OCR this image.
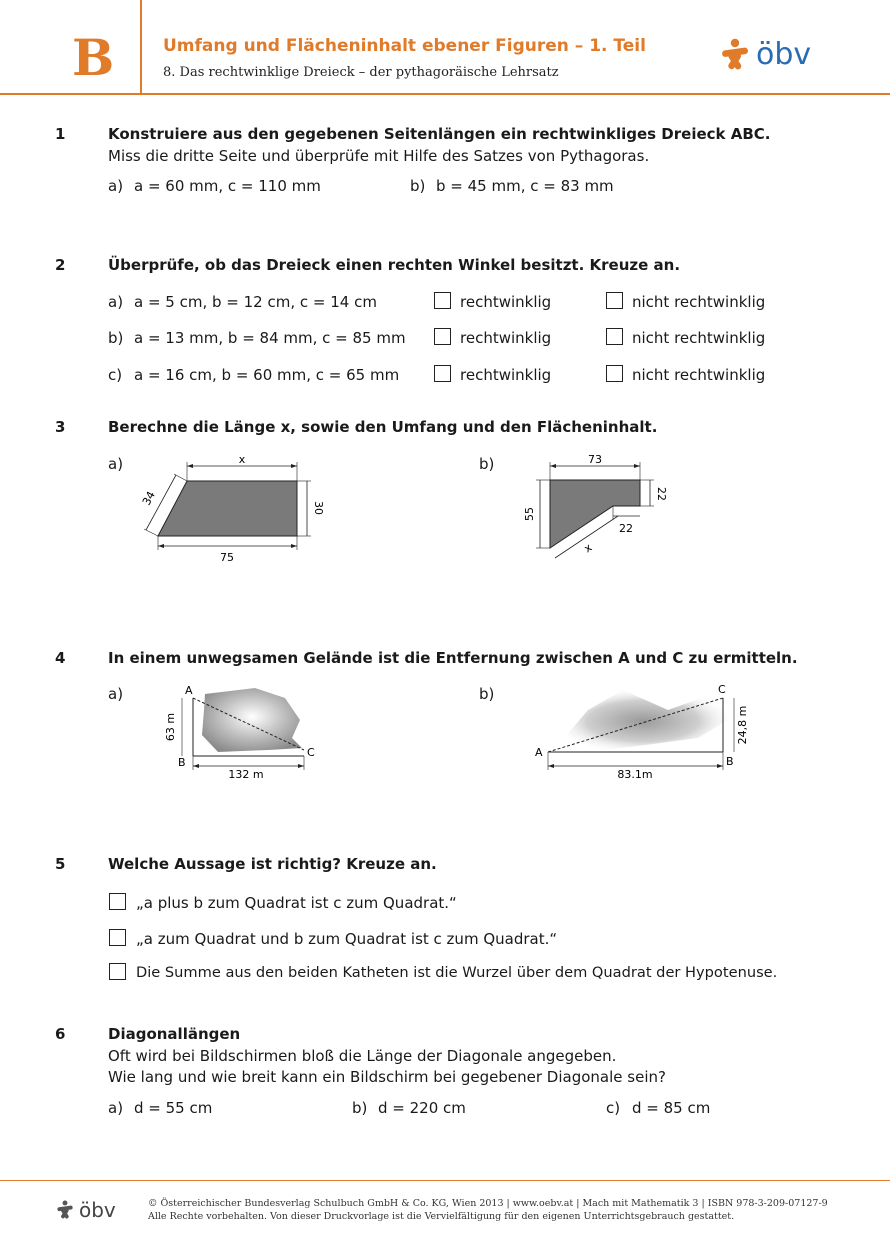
B	Umfang und Flächeninhalt ebener Figuren – 1. Teil
8. Das rechtwinklige Dreieck – der pythagoräische Lehrsatz
öbv
1	Konstruiere aus den gegebenen Seitenlängen ein rechtwinkliges Dreieck ABC.
Miss die dritte Seite und überprüfe mit Hilfe des Satzes von Pythagoras.
a) a = 60 mm, c = 110 mm	b) b = 45 mm, c = 83 mm
2	Überprüfe, ob das Dreieck einen rechten Winkel besitzt. Kreuze an.
a) a = 5 cm, b = 12 cm, c = 14 cm	rechtwinklig	nicht rechtwinklig
b) a = 13 mm, b = 84 mm, c = 85 mm	rechtwinklig	nicht rechtwinklig
c) a = 16 cm, b = 60 mm, c = 65 mm	rechtwinklig	nicht rechtwinklig
3	Berechne die Länge x, sowie den Umfang und den Flächeninhalt.
a)	b)
x
34
30
75
73
22
55
22
x
4	In einem unwegsamen Gelände ist die Entfernung zwischen A und C zu ermitteln.
a)	b)
A
B
C
63 m
132 m
A
B
C
24,8 m
83.1m
5	Welche Aussage ist richtig? Kreuze an.
„a plus b zum Quadrat ist c zum Quadrat.“
„a zum Quadrat und b zum Quadrat ist c zum Quadrat.“
Die Summe aus den beiden Katheten ist die Wurzel über dem Quadrat der Hypotenuse.
6	Diagonallängen
Oft wird bei Bildschirmen bloß die Länge der Diagonale angegeben.
Wie lang und wie breit kann ein Bildschirm bei gegebener Diagonale sein?
a) d = 55 cm	b) d = 220 cm	c) d = 85 cm
öbv	© Österreichischer Bundesverlag Schulbuch GmbH & Co. KG, Wien 2013 | www.oebv.at | Mach mit Mathematik 3 | ISBN 978-3-209-07127-9
Alle Rechte vorbehalten. Von dieser Druckvorlage ist die Vervielfältigung für den eigenen Unterrichtsgebrauch gestattet.
